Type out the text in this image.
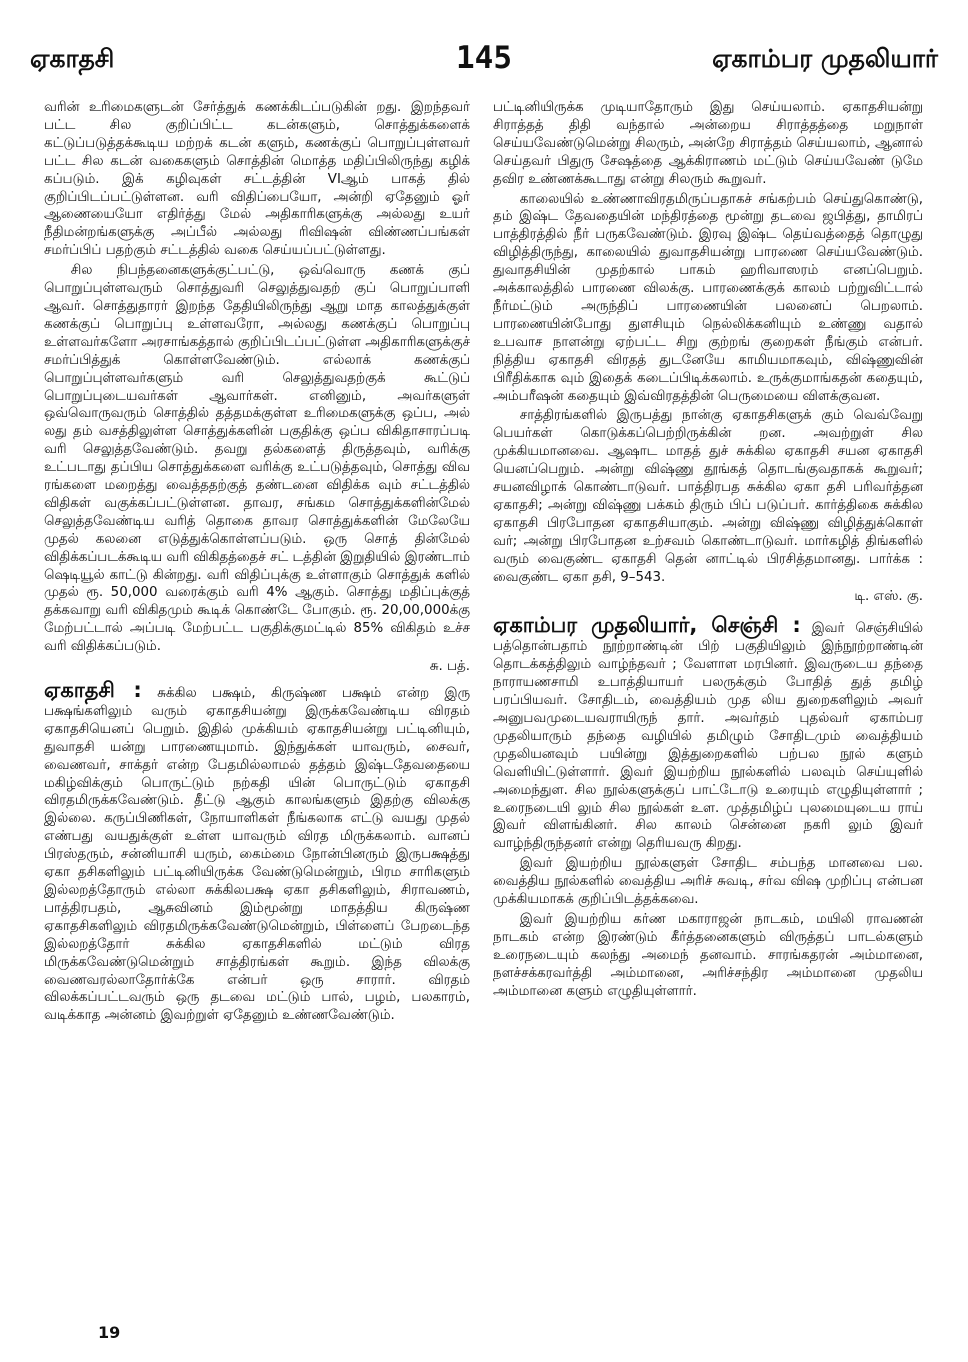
ஏகாதசி	145	ஏகாம்பர முதலியார்

வரின் உரிமைகளுடன் சேர்த்துக் கணக்கிடப்படுகின் றது. இறந்தவர் பட்ட சில குறிப்பிட்ட கடன்களும், சொத்துக்களைக் கட்டுப்படுத்தக்கூடிய மற்றக் கடன் களும், கணக்குப் பொறுப்புள்ளவர் பட்ட சில கடன் வகைகளும் சொத்தின் மொத்த மதிப்பிலிருந்து கழிக் கப்படும். இக் கழிவுகள் சட்டத்தின் VIஆம் பாகத் தில் குறிப்பிடப்பட்டுள்ளன. வரி விதிப்பையோ, அன்றி ஏதேனும் ஓர் ஆணையையோ எதிர்த்து மேல் அதிகாரிகளுக்கு அல்லது உயர் நீதிமன்றங்களுக்கு அப்பீல் அல்லது ரிவிஷன் விண்ணப்பங்கள் சமர்ப்பிப் பதற்கும் சட்டத்தில் வகை செய்யப்பட்டுள்ளது.

சில நிபந்தனைகளுக்குட்பட்டு, ஒவ்வொரு கணக் குப் பொறுப்புள்ளவரும் சொத்துவரி செலுத்துவதற் குப் பொறுப்பாளி ஆவர். சொத்துதாரர் இறந்த தேதியிலிருந்து ஆறு மாத காலத்துக்குள் கணக்குப் பொறுப்பு உள்ளவரோ, அல்லது கணக்குப் பொறுப்பு உள்ளவர்களோ அரசாங்கத்தால் குறிப்பிடப்பட்டுள்ள அதிகாரிகளுக்குச் சமர்ப்பித்துக் கொள்ளவேண்டும். எல்லாக் கணக்குப் பொறுப்புள்ளவர்களும் வரி செலுத்துவதற்குக் கூட்டுப் பொறுப்புடையவர்கள் ஆவார்கள். எனினும், அவர்களுள் ஒவ்வொருவரும் சொத்தில் தத்தமக்குள்ள உரிமைகளுக்கு ஒப்ப, அல் லது தம் வசத்திலுள்ள சொத்துக்களின் பகுதிக்கு ஒப்ப விகிதாசாரப்படி வரி செலுத்தவேண்டும். தவறு தல்களைத் திருத்தவும், வரிக்கு உட்படாது தப்பிய சொத்துக்களை வரிக்கு உட்படுத்தவும், சொத்து விவ ரங்களை மறைத்து வைத்ததற்குத் தண்டனை விதிக்க வும் சட்டத்தில் விதிகள் வகுக்கப்பட்டுள்ளன. தாவர, சங்கம சொத்துக்களின்மேல் செலுத்தவேண்டிய வரித் தொகை தாவர சொத்துக்களின் மேலேயே முதல் கலனை எடுத்துக்கொள்ளப்படும். ஒரு சொத் தின்மேல் விதிக்கப்படக்கூடிய வரி விகிதத்தைச் சட் டத்தின் இறுதியில் இரண்டாம் ஷெடியூல் காட்டு கின்றது. வரி விதிப்புக்கு உள்ளாகும் சொத்துக் களில் முதல் ரூ. 50,000 வரைக்கும் வரி 4% ஆகும். சொத்து மதிப்புக்குத் தக்கவாறு வரி விகிதமும் கூடிக் கொண்டே போகும். ரூ. 20,00,000க்கு மேற்பட்டால் அப்படி மேற்பட்ட பகுதிக்குமட்டில் 85% விகிதம் உச்ச வரி விதிக்கப்படும்.

சு. பத்.

ஏகாதசி : சுக்கில பக்ஷம், கிருஷ்ண பக்ஷம் என்ற இரு பக்ஷங்களிலும் வரும் ஏகாதசியன்று இருக்கவேண்டிய விரதம் ஏகாதசியெனப் பெறும். இதில் முக்கியம் ஏகாதசியன்று பட்டினியும், துவாதசி யன்று பாரணையுமாம். இந்துக்கள் யாவரும், சைவர், வைணவர், சாக்தர் என்ற பேதமில்லாமல் தத்தம் இஷ்டதேவதையை மகிழ்விக்கும் பொருட்டும் நற்கதி யின் பொருட்டும் ஏகாதசி விரதமிருக்கவேண்டும். தீட்டு ஆகும் காலங்களும் இதற்கு விலக்கு இல்லை. கருப்பிணிகள், நோயாளிகள் நீங்கலாக எட்டு வயது முதல் எண்பது வயதுக்குள் உள்ள யாவரும் விரத மிருக்கலாம். வானப் பிரஸ்தரும், சன்னியாசி யரும், கைம்மை நோன்பினரும் இருபக்ஷத்து ஏகா தசிகளிலும் பட்டினியிருக்க வேண்டுமென்றும், பிரம சாரிகளும் இல்லறத்தோரும் எல்லா சுக்கிலபக்ஷ ஏகா தசிகளிலும், சிராவணம், பாத்திரபதம், ஆசுவினம் இம்மூன்று மாதத்திய கிருஷ்ண ஏகாதசிகளிலும் விரதமிருக்கவேண்டுமென்றும், பிள்ளைப் பேறடைந்த இல்லறத்தோர் சுக்கில ஏகாதசிகளில் மட்டும் விரத மிருக்கவேண்டுமென்றும் சாத்திரங்கள் கூறும். இந்த விலக்கு வைணவரல்லாதோர்க்கே என்பர் ஒரு சாரார். விரதம் விலக்கப்பட்டவரும் ஒரு தடவை மட்டும் பால், பழம், பலகாரம், வடிக்காத அன்னம் இவற்றுள் ஏதேனும் உண்ணவேண்டும்.

பட்டினியிருக்க முடியாதோரும் இது செய்யலாம். ஏகாதசியன்று சிராத்தத் திதி வந்தால் அன்றைய சிராத்தத்தை மறுநாள் செய்யவேண்டுமென்று சிலரும், அன்றே சிராத்தம் செய்யலாம், ஆனால் செய்தவர் பிதுரு சேஷத்தை ஆக்கிராணம் மட்டும் செய்யவேண் டுமே தவிர உண்ணக்கூடாது என்று சிலரும் கூறுவர்.

காலையில் உண்ணாவிரதமிருப்பதாகச் சங்கற்பம் செய்துகொண்டு, தம் இஷ்ட தேவதையின் மந்திரத்தை மூன்று தடவை ஜபித்து, தாமிரப் பாத்திரத்தில் நீர் பருகவேண்டும். இரவு இஷ்ட தெய்வத்தைத் தொழுது விழித்திருந்து, காலையில் துவாதசியன்று பாரணை செய்யவேண்டும். துவாதசியின் முதற்கால் பாகம் ஹரிவாஸரம் எனப்பெறும். அக்காலத்தில் பாரணை விலக்கு. பாரணைக்குக் காலம் பற்றுவிட்டால் நீர்மட்டும் அருந்திப் பாரணையின் பலனைப் பெறலாம். பாரணையின்போது துளசியும் நெல்லிக்கனியும் உண்ணு வதால் உபவாச நாளன்று ஏற்பட்ட சிறு குற்றங் குறைகள் நீங்கும் என்பர். நித்திய ஏகாதசி விரதத் துடனேயே காமியமாகவும், விஷ்ணுவின் பிரீதிக்காக வும் இதைக் கடைப்பிடிக்கலாம். உருக்குமாங்கதன் கதையும், அம்பரீஷன் கதையும் இவ்விரதத்தின் பெருமையை விளக்குவன.

சாத்திரங்களில் இருபத்து நான்கு ஏகாதசிகளுக் கும் வெவ்வேறு பெயர்கள் கொடுக்கப்பெற்றிருக்கின் றன. அவற்றுள் சில முக்கியமானவை. ஆஷாட மாதத் துச் சுக்கில ஏகாதசி சயன ஏகாதசி யெனப்பெறும். அன்று விஷ்ணு தூங்கத் தொடங்குவதாகக் கூறுவர்; சயனவிழாக் கொண்டாடுவர். பாத்திரபத சுக்கில ஏகா தசி பரிவர்த்தன ஏகாதசி; அன்று விஷ்ணு பக்கம் திரும் பிப் படுப்பர். கார்த்திகை சுக்கில ஏகாதசி பிரபோதன ஏகாதசியாகும். அன்று விஷ்ணு விழித்துக்கொள் வர்; அன்று பிரபோதன உற்சவம் கொண்டாடுவர். மார்கழித் திங்களில் வரும் வைகுண்ட ஏகாதசி தென் னாட்டில் பிரசித்தமானது. பார்க்க : வைகுண்ட ஏகா தசி, 9–543.

டி. எஸ். கு.

ஏகாம்பர முதலியார், செஞ்சி : இவர் செஞ்சியில் பத்தொன்பதாம் நூற்றாண்டின் பிற் பகுதியிலும் இந்நூற்றாண்டின் தொடக்கத்திலும் வாழ்ந்தவர் ; வேளாள மரபினர். இவருடைய தந்தை நாராயணசாமி உபாத்தியாயர் பலருக்கும் போதித் துத் தமிழ் பரப்பியவர். சோதிடம், வைத்தியம் முத லிய துறைகளிலும் அவர் அனுபவமுடையவராயிருந் தார். அவர்தம் புதல்வர் ஏகாம்பர முதலியாரும் தந்தை வழியில் தமிழும் சோதிடமும் வைத்தியம் முதலியனவும் பயின்று இத்துறைகளில் பற்பல நூல் களும் வெளியிட்டுள்ளார். இவர் இயற்றிய நூல்களில் பலவும் செய்யுளில் அமைந்துள. சில நூல்களுக்குப் பாட்டோடு உரையும் எழுதியுள்ளார் ; உரைநடையி லும் சில நூல்கள் உள. முத்தமிழ்ப் புலமையுடைய ராய் இவர் விளங்கினர். சில காலம் சென்னை நகரி லும் இவர் வாழ்ந்திருந்தனர் என்று தெரியவரு கிறது.

இவர் இயற்றிய நூல்களுள் சோதிட சம்பந்த மானவை பல. வைத்திய நூல்களில் வைத்திய அரிச் சுவடி, சர்வ விஷ முறிப்பு என்பன முக்கியமாகக் குறிப்பிடத்தக்கவை.

இவர் இயற்றிய கர்ண மகாராஜன் நாடகம், மயிலி ராவணன் நாடகம் என்ற இரண்டும் கீர்த்தனைகளும் விருத்தப் பாடல்களும் உரைநடையும் கலந்து அமைந் தனவாம். சாரங்கதரன் அம்மானை, நளச்சக்கரவர்த்தி அம்மானை, அரிச்சந்திர அம்மானை முதலிய அம்மானை களும் எழுதியுள்ளார்.

19
